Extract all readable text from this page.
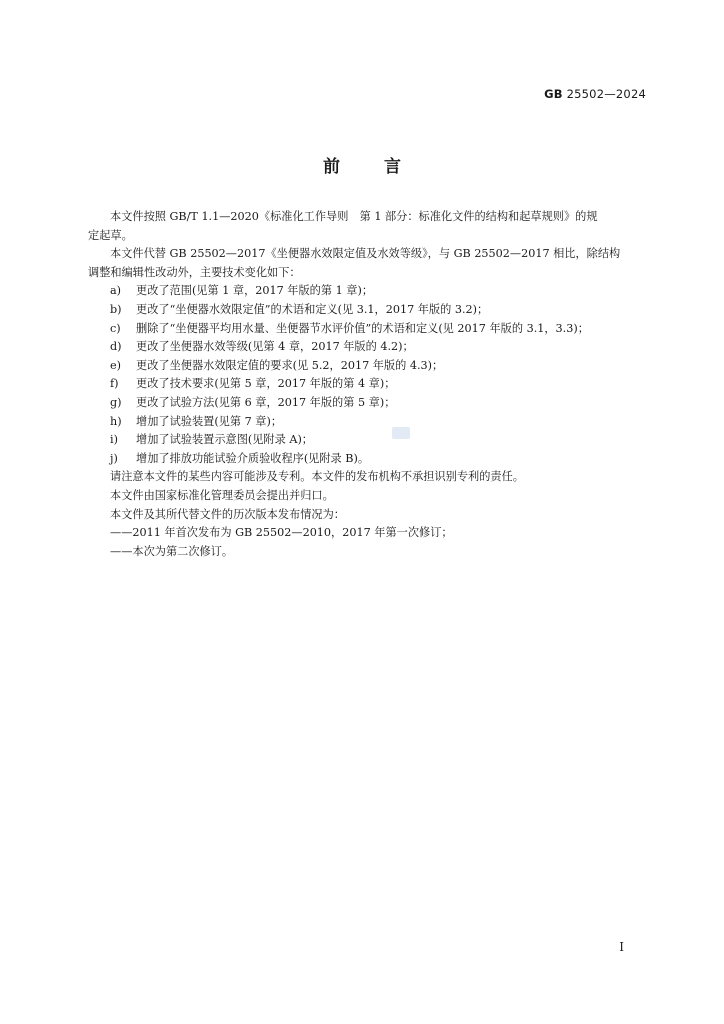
GB 25502—2024
前言

本文件按照 GB/T 1.1—2020《标准化工作导则　第 1 部分：标准化文件的结构和起草规则》的规

定起草。

本文件代替 GB 25502—2017《坐便器水效限定值及水效等级》，与 GB 25502—2017 相比，除结构

调整和编辑性改动外，主要技术变化如下：

a)	更改了范围(见第 1 章，2017 年版的第 1 章)；
b)	更改了“坐便器水效限定值”的术语和定义(见 3.1，2017 年版的 3.2)；
c)	删除了“坐便器平均用水量、坐便器节水评价值”的术语和定义(见 2017 年版的 3.1，3.3)；
d)	更改了坐便器水效等级(见第 4 章，2017 年版的 4.2)；
e)	更改了坐便器水效限定值的要求(见 5.2，2017 年版的 4.3)；
f)	更改了技术要求(见第 5 章，2017 年版的第 4 章)；
g)	更改了试验方法(见第 6 章，2017 年版的第 5 章)；
h)	增加了试验装置(见第 7 章)；
i)	增加了试验装置示意图(见附录 A)；
j)	增加了排放功能试验介质验收程序(见附录 B)。

请注意本文件的某些内容可能涉及专利。本文件的发布机构不承担识别专利的责任。

本文件由国家标准化管理委员会提出并归口。

本文件及其所代替文件的历次版本发布情况为：

——2011 年首次发布为 GB 25502—2010，2017 年第一次修订；

——本次为第二次修订。

I
